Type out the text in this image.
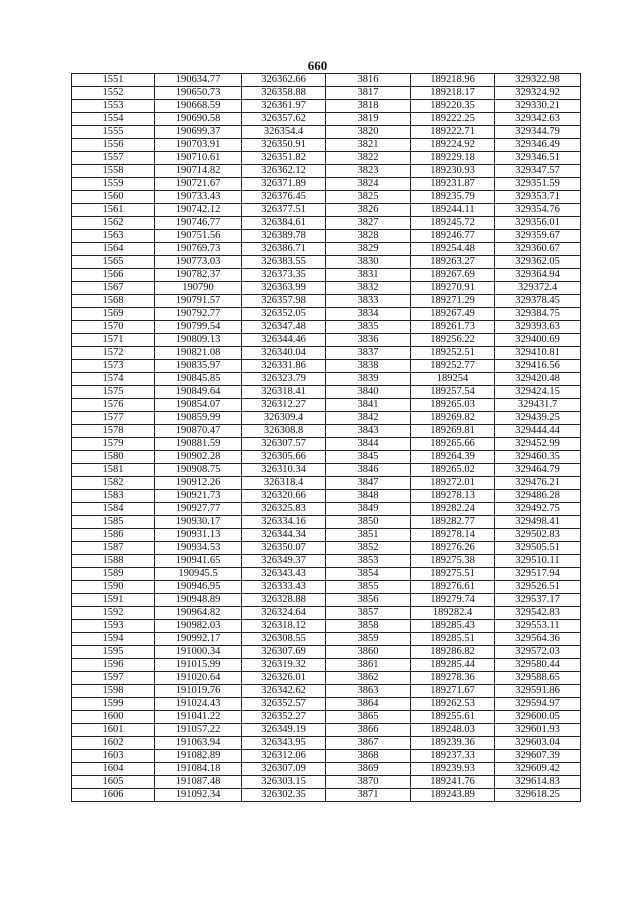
660
1551	190634.77	326362.66	3816	189218.96	329322.98
1552	190650.73	326358.88	3817	189218.17	329324.92
1553	190668.59	326361.97	3818	189220.35	329330.21
1554	190690.58	326357.62	3819	189222.25	329342.63
1555	190699.37	326354.4	3820	189222.71	329344.79
1556	190703.91	326350.91	3821	189224.92	329346.49
1557	190710.61	326351.82	3822	189229.18	329346.51
1558	190714.82	326362.12	3823	189230.93	329347.57
1559	190721.67	326371.89	3824	189231.87	329351.59
1560	190733.43	326376.45	3825	189235.79	329353.71
1561	190742.12	326377.51	3826	189244.11	329354.76
1562	190746.77	326384.61	3827	189245.72	329356.01
1563	190751.56	326389.78	3828	189246.77	329359.67
1564	190769.73	326386.71	3829	189254.48	329360.67
1565	190773.03	326383.55	3830	189263.27	329362.05
1566	190782.37	326373.35	3831	189267.69	329364.94
1567	190790	326363.99	3832	189270.91	329372.4
1568	190791.57	326357.98	3833	189271.29	329378.45
1569	190792.77	326352.05	3834	189267.49	329384.75
1570	190799.54	326347.48	3835	189261.73	329393.63
1571	190809.13	326344.46	3836	189256.22	329400.69
1572	190821.08	326340.04	3837	189252.51	329410.81
1573	190835.97	326331.86	3838	189252.77	329416.56
1574	190845.85	326323.79	3839	189254	329420.48
1575	190849.64	326318.41	3840	189257.54	329424.15
1576	190854.07	326312.27	3841	189265.03	329431.7
1577	190859.99	326309.4	3842	189269.82	329439.25
1578	190870.47	326308.8	3843	189269.81	329444.44
1579	190881.59	326307.57	3844	189265.66	329452.99
1580	190902.28	326305.66	3845	189264.39	329460.35
1581	190908.75	326310.34	3846	189265.02	329464.79
1582	190912.26	326318.4	3847	189272.01	329476.21
1583	190921.73	326320.66	3848	189278.13	329486.28
1584	190927.77	326325.83	3849	189282.24	329492.75
1585	190930.17	326334.16	3850	189282.77	329498.41
1586	190931.13	326344.34	3851	189278.14	329502.83
1587	190934.53	326350.07	3852	189276.26	329505.51
1588	190941.65	326349.37	3853	189275.38	329510.11
1589	190945.5	326343.43	3854	189275.51	329517.94
1590	190946.95	326333.43	3855	189276.61	329526.51
1591	190948.89	326328.88	3856	189279.74	329537.17
1592	190964.82	326324.64	3857	189282.4	329542.83
1593	190982.03	326318.12	3858	189285.43	329553.11
1594	190992.17	326308.55	3859	189285.51	329564.36
1595	191000.34	326307.69	3860	189286.82	329572.03
1596	191015.99	326319.32	3861	189285.44	329580.44
1597	191020.64	326326.01	3862	189278.36	329588.65
1598	191019.76	326342.62	3863	189271.67	329591.86
1599	191024.43	326352.57	3864	189262.53	329594.97
1600	191041.22	326352.27	3865	189255.61	329600.05
1601	191057.22	326349.19	3866	189248.03	329601.93
1602	191063.94	326343.95	3867	189239.36	329603.04
1603	191082.89	326312.06	3868	189237.33	329607.39
1604	191084.18	326307.09	3869	189239.93	329609.42
1605	191087.48	326303.15	3870	189241.76	329614.83
1606	191092.34	326302.35	3871	189243.89	329618.25
